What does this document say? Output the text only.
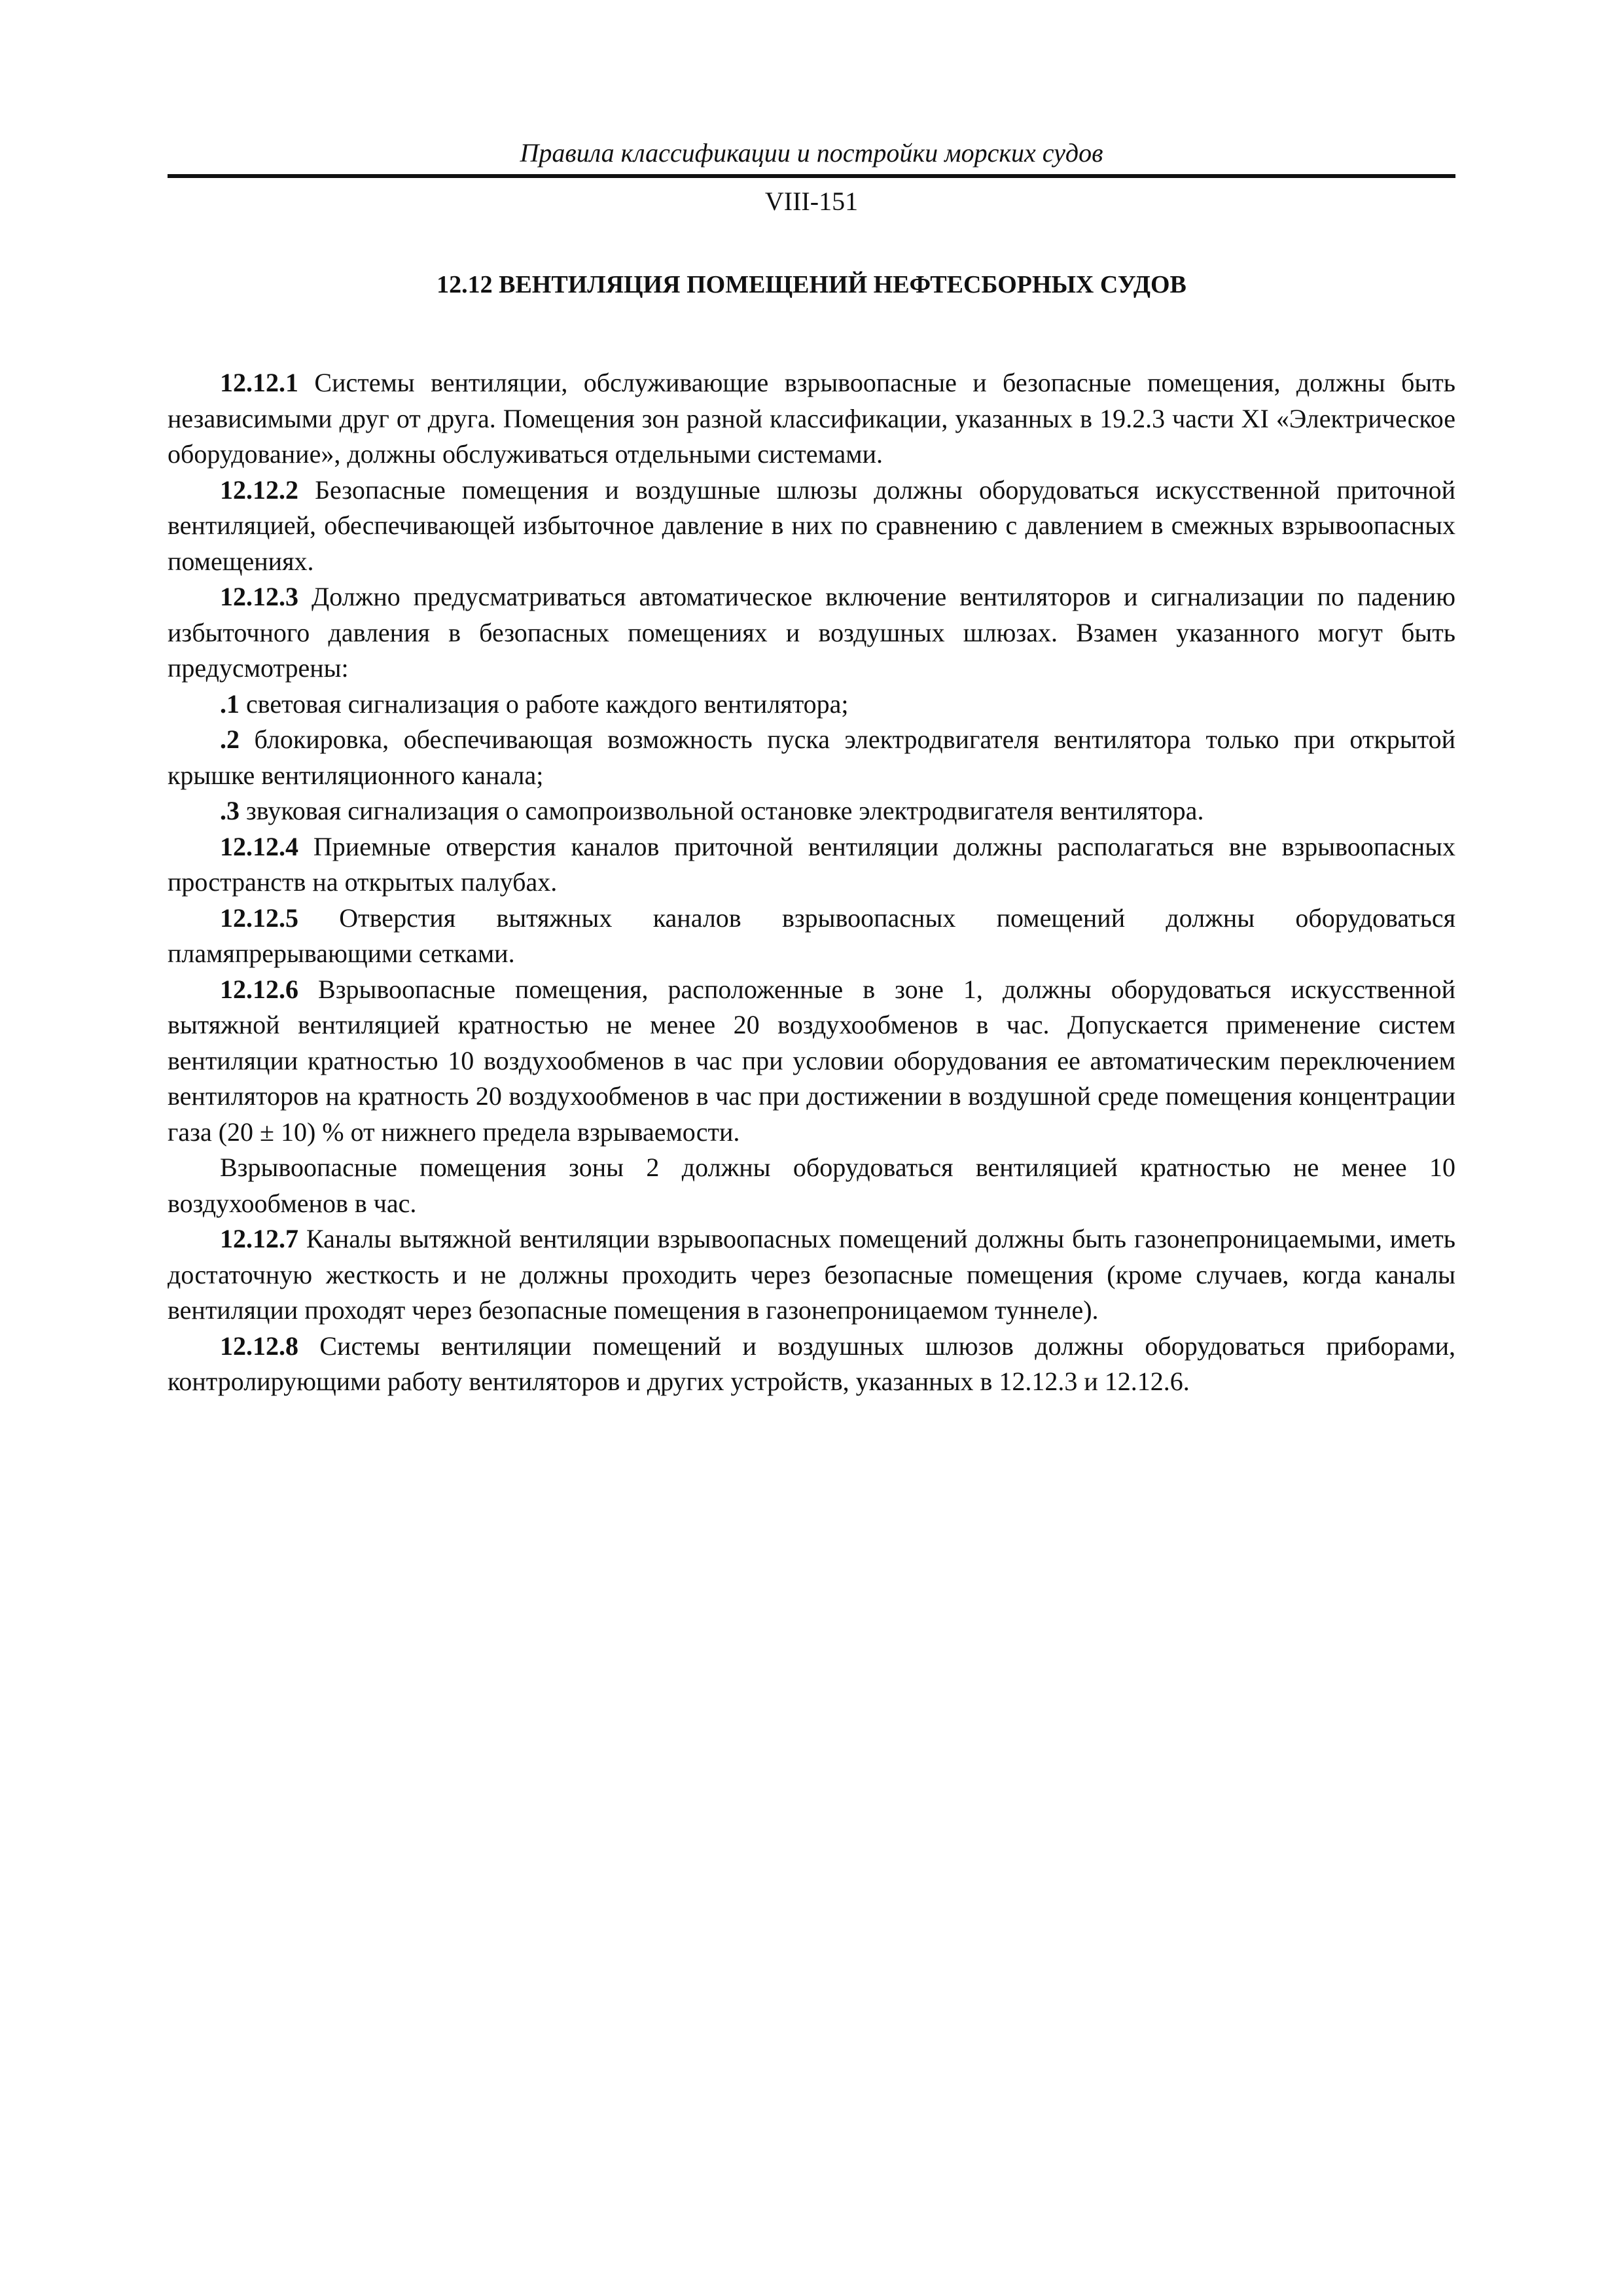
Правила классификации и постройки морских судов
VIII-151
12.12 ВЕНТИЛЯЦИЯ ПОМЕЩЕНИЙ НЕФТЕСБОРНЫХ СУДОВ

12.12.1 Системы вентиляции, обслуживающие взрывоопасные и безопасные помещения, должны быть независимыми друг от друга. Помещения зон разной классификации, указанных в 19.2.3 части XI «Электрическое оборудование», должны обслуживаться отдельными системами.

12.12.2 Безопасные помещения и воздушные шлюзы должны оборудоваться искусственной приточной вентиляцией, обеспечивающей избыточное давление в них по сравнению с давлением в смежных взрывоопасных помещениях.

12.12.3 Должно предусматриваться автоматическое включение вентиляторов и сигнализации по падению избыточного давления в безопасных помещениях и воздушных шлюзах. Взамен указанного могут быть предусмотрены:

.1 световая сигнализация о работе каждого вентилятора;

.2 блокировка, обеспечивающая возможность пуска электродвигателя вентилятора только при открытой крышке вентиляционного канала;

.3 звуковая сигнализация о самопроизвольной остановке электродвигателя вентилятора.

12.12.4 Приемные отверстия каналов приточной вентиляции должны располагаться вне взрывоопасных пространств на открытых палубах.

12.12.5 Отверстия вытяжных каналов взрывоопасных помещений должны оборудоваться пламяпрерывающими сетками.

12.12.6 Взрывоопасные помещения, расположенные в зоне 1, должны оборудоваться искусственной вытяжной вентиляцией кратностью не менее 20 воздухообменов в час. Допускается применение систем вентиляции кратностью 10 воздухообменов в час при условии оборудования ее автоматическим переключением вентиляторов на кратность 20 воздухообменов в час при достижении в воздушной среде помещения концентрации газа (20 ± 10) % от нижнего предела взрываемости.

Взрывоопасные помещения зоны 2 должны оборудоваться вентиляцией кратностью не менее 10 воздухообменов в час.

12.12.7 Каналы вытяжной вентиляции взрывоопасных помещений должны быть газонепроницаемыми, иметь достаточную жесткость и не должны проходить через безопасные помещения (кроме случаев, когда каналы вентиляции проходят через безопасные помещения в газонепроницаемом туннеле).

12.12.8 Системы вентиляции помещений и воздушных шлюзов должны оборудоваться приборами, контролирующими работу вентиляторов и других устройств, указанных в 12.12.3 и 12.12.6.
